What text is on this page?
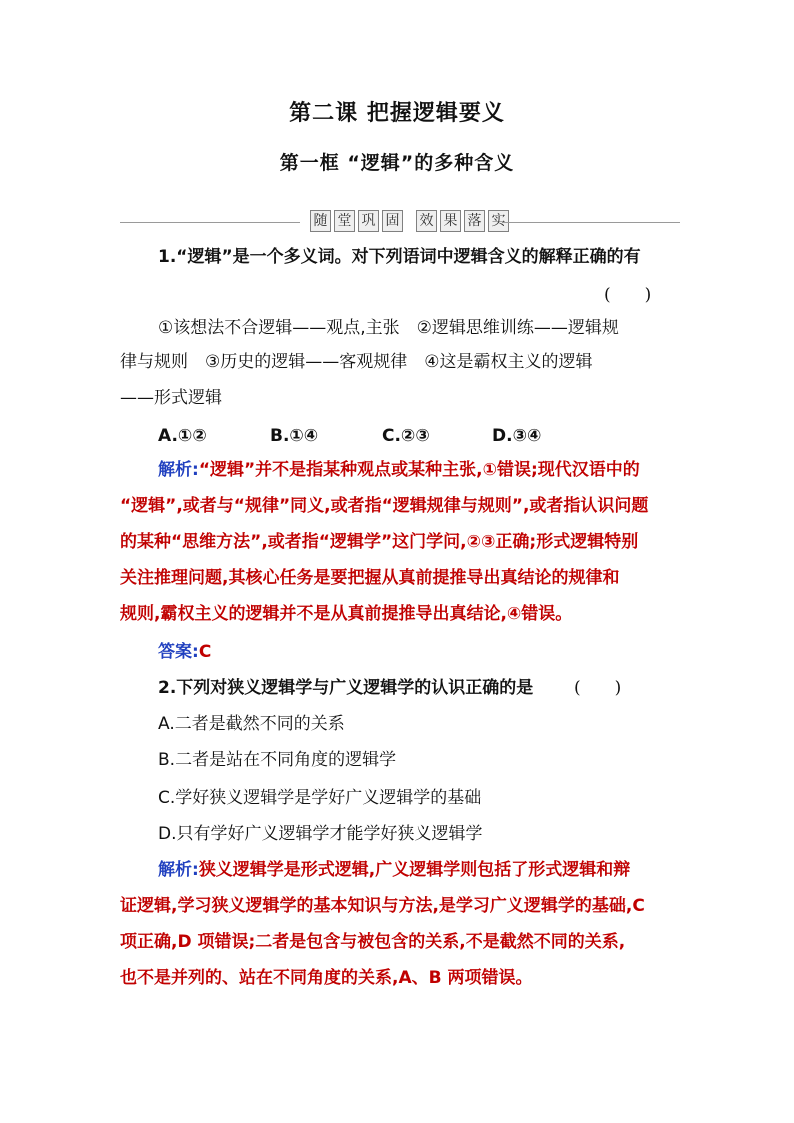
第二课 把握逻辑要义
第一框 “逻辑”的多种含义
随 堂 巩 固 效 果 落 实
1.“逻辑”是一个多义词。对下列语词中逻辑含义的解释正确的有
(　　)
①该想法不合逻辑——观点,主张　②逻辑思维训练——逻辑规
律与规则　③历史的逻辑——客观规律　④这是霸权主义的逻辑
——形式逻辑
A.①②	B.①④	C.②③	D.③④
解析:“逻辑”并不是指某种观点或某种主张,①错误;现代汉语中的
“逻辑”,或者与“规律”同义,或者指“逻辑规律与规则”,或者指认识问题
的某种“思维方法”,或者指“逻辑学”这门学问,②③正确;形式逻辑特别
关注推理问题,其核心任务是要把握从真前提推导出真结论的规律和
规则,霸权主义的逻辑并不是从真前提推导出真结论,④错误。
答案:C
2.下列对狭义逻辑学与广义逻辑学的认识正确的是	(　　)
A.二者是截然不同的关系
B.二者是站在不同角度的逻辑学
C.学好狭义逻辑学是学好广义逻辑学的基础
D.只有学好广义逻辑学才能学好狭义逻辑学
解析:狭义逻辑学是形式逻辑,广义逻辑学则包括了形式逻辑和辩
证逻辑,学习狭义逻辑学的基本知识与方法,是学习广义逻辑学的基础,C
项正确,D 项错误;二者是包含与被包含的关系,不是截然不同的关系,
也不是并列的、站在不同角度的关系,A、B 两项错误。
